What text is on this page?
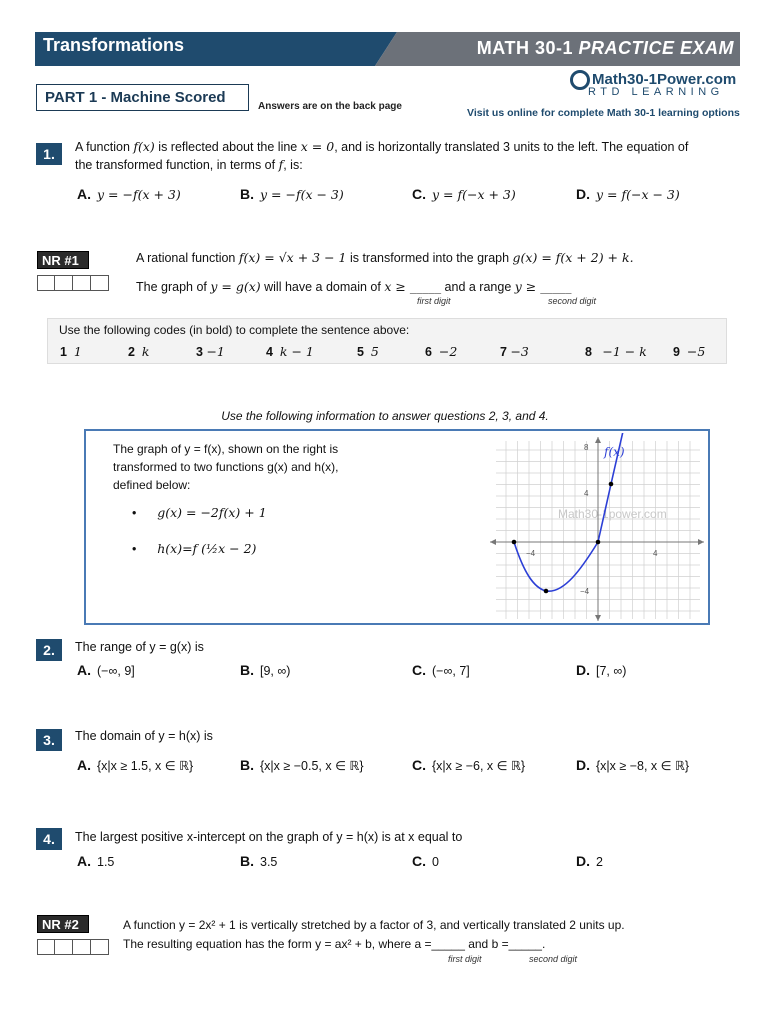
Transformations	MATH 30-1 PRACTICE EXAM
Math30-1Power.com
RTD LEARNING
Visit us online for complete Math 30-1 learning options
PART 1 - Machine Scored
Answers are on the back page
1.	A function f(x) is reflected about the line x = 0, and is horizontally translated 3 units to the left. The equation of
the transformed function, in terms of f, is:
A. y = −f(x + 3)	B. y = −f(x − 3)	C. y = f(−x + 3)	D. y = f(−x − 3)
NR #1	A rational function f(x) = √x + 3 − 1 is transformed into the graph g(x) = f(x + 2) + k.
The graph of y = g(x) will have a domain of x ≥ _____ and a range y ≥ _____
first digit	second digit
Use the following codes (in bold) to complete the sentence above:
1 1	2 k	3 −1	4 k − 1	5 5	6 −2	7 −3	8 −1 − k 9 −5
Use the following information to answer questions 2, 3, and 4.
The graph of y = f(x), shown on the right is
transformed to two functions g(x) and h(x),
defined below:
•      g(x) = −2f(x) + 1
•      h(x)=f (½x − 2)
8
4
−4
−4	4
Math30-1power.com
f(x)
2.	The range of y = g(x) is
A. (−∞, 9]	B. [9, ∞)	C. (−∞, 7]	D. [7, ∞)
3.	The domain of y = h(x) is
A. {x|x ≥ 1.5, x ∈ ℝ}	B. {x|x ≥ −0.5, x ∈ ℝ}	C. {x|x ≥ −6, x ∈ ℝ}	D. {x|x ≥ −8, x ∈ ℝ}
4.	The largest positive x-intercept on the graph of y = h(x) is at x equal to
A. 1.5	B. 3.5	C. 0	D. 2
NR #2	A function y = 2x² + 1 is vertically stretched by a factor of 3, and vertically translated 2 units up.
The resulting equation has the form y = ax² + b, where a =_____ and b =_____.
first digit	second digit
